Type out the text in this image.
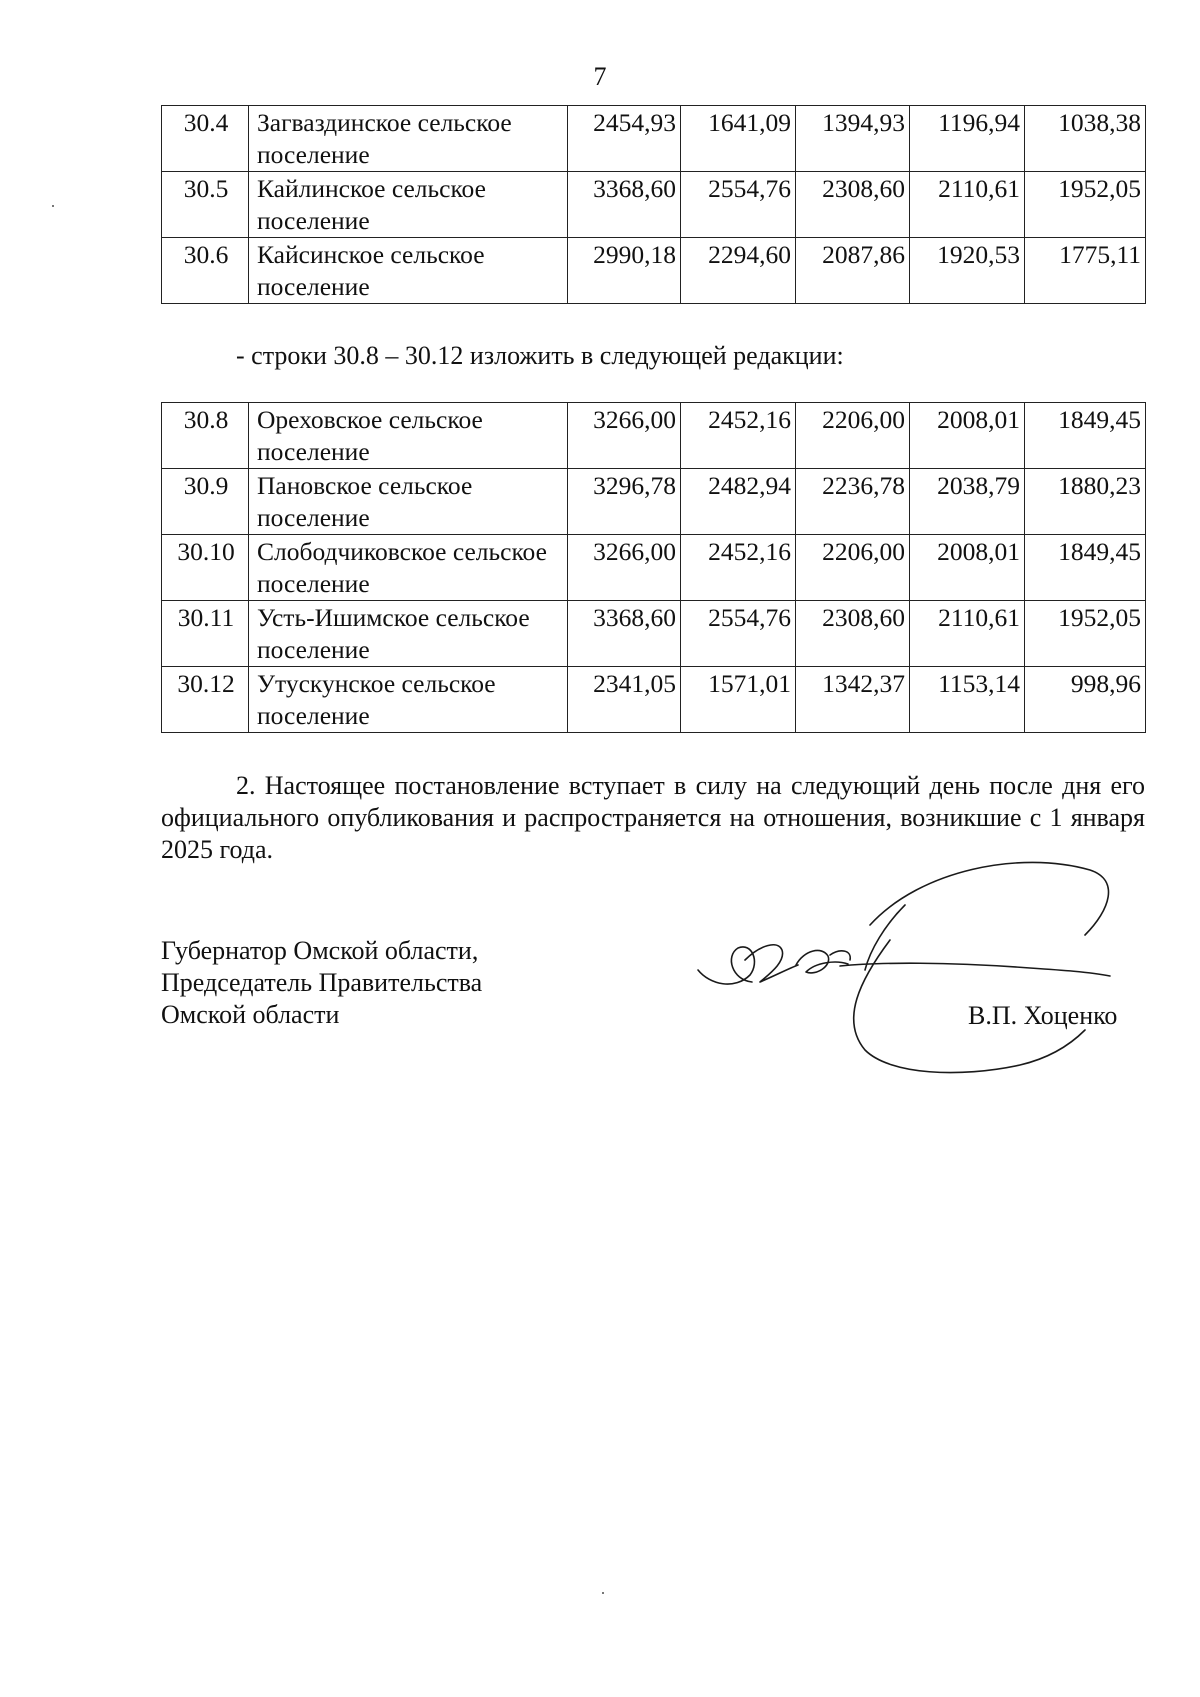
7
30.4	Загваздинское сельское поселение	2454,93	1641,09	1394,93	1196,94	1038,38
30.5	Кайлинское сельское поселение	3368,60	2554,76	2308,60	2110,61	1952,05
30.6	Кайсинское сельское поселение	2990,18	2294,60	2087,86	1920,53	1775,11
- строки 30.8 – 30.12 изложить в следующей редакции:
30.8	Ореховское сельское поселение	3266,00	2452,16	2206,00	2008,01	1849,45
30.9	Пановское сельское поселение	3296,78	2482,94	2236,78	2038,79	1880,23
30.10	Слободчиковское сельское поселение	3266,00	2452,16	2206,00	2008,01	1849,45
30.11	Усть-Ишимское сельское поселение	3368,60	2554,76	2308,60	2110,61	1952,05
30.12	Утускунское сельское поселение	2341,05	1571,01	1342,37	1153,14	998,96
2. Настоящее постановление вступает в силу на следующий день после дня его официального опубликования и распространяется на отношения, возникшие с 1 января 2025 года.
Губернатор Омской области,
Председатель Правительства
Омской области	В.П. Хоценко
